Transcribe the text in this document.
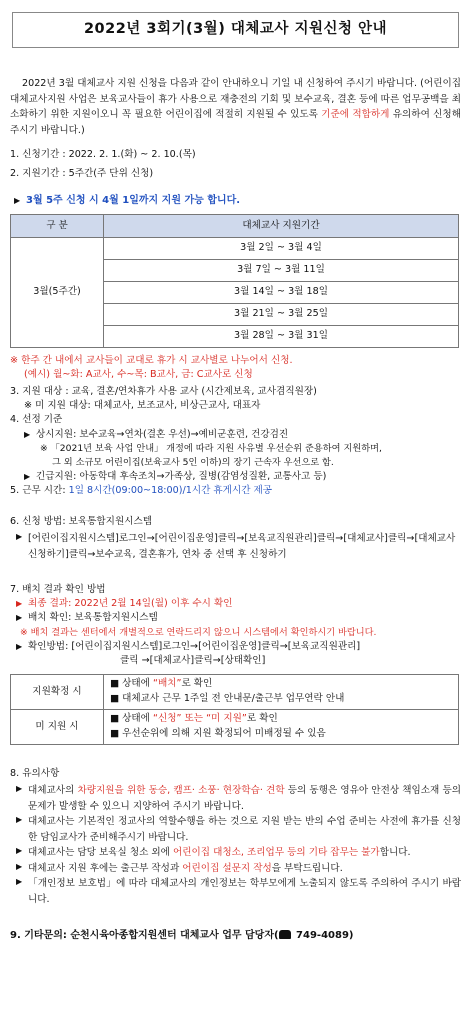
2022년 3회기(3월) 대체교사 지원신청 안내
2022년 3월 대체교사 지원 신청을 다음과 같이 안내하오니 기일 내 신청하여 주시기 바랍니다. (어린이집 대체교사지원 사업은 보육교사들이 휴가 사용으로 재충전의 기회 및 보수교육, 결혼 등에 따른 업무공백을 최소화하기 위한 지원이오니 꼭 필요한 어린이집에 적절히 지원될 수 있도록 기준에 적합하게 유의하여 신청해주시기 바랍니다.)
1. 신청기간 : 2022. 2. 1.(화) ~ 2. 10.(목)
2. 지원기간 : 5주간(주 단위 신청)
▶ 3월 5주 신청 시 4월 1일까지 지원 가능 합니다.
구 분	대체교사 지원기간
3월(5주간)	3월 2일 ~ 3월 4일
	3월 7일 ~ 3월 11일
	3월 14일 ~ 3월 18일
	3월 21일 ~ 3월 25일
	3월 28일 ~ 3월 31일
※ 한주 간 내에서 교사들이 교대로 휴가 시 교사별로 나누어서 신청.
(예시) 월~화: A교사, 수~목: B교사, 금: C교사로 신청
3. 지원 대상 : 교육, 결혼/연차휴가 사용 교사 (시간제보육, 교사겸직원장)
※ 미 지원 대상: 대체교사, 보조교사, 비상근교사, 대표자
4. 선정 기준
▶ 상시지원: 보수교육→연차(결혼 우선)→예비군훈련, 건강검진
※ 「2021년 보육 사업 안내」 개정에 따라 지원 사유별 우선순위 준용하여 지원하며,
그 외 소규모 어린이집(보육교사 5인 이하)의 장기 근속자 우선으로 함.
▶ 긴급지원: 아동학대 후속조치→가족상, 질병(감염성질환, 교통사고 등)
5. 근무 시간: 1일 8시간(09:00~18:00)/1시간 휴게시간 제공
6. 신청 방법: 보육통합지원시스템
▶ [어린이집지원시스템]로그인→[어린이집운영]클릭→[보육교직원관리]클릭→[대체교사]클릭→[대체교사신청하기]클릭→보수교육, 결혼휴가, 연차 중 선택 후 신청하기
7. 배치 결과 확인 방법
▶ 최종 결과: 2022년 2월 14일(월) 이후 수시 확인
▶ 배치 확인: 보육통합지원시스템
※ 배치 결과는 센터에서 개별적으로 연락드리지 않으니 시스템에서 확인하시기 바랍니다.
▶ 확인방법: [어린이집지원시스템]로그인→[어린이집운영]클릭→[보육교직원관리]
클릭 →[대체교사]클릭→[상태확인]
지원확정 시	■ 상태에 “배치”로 확인
■ 대체교사 근무 1주일 전 안내문/출근부 업무연락 안내

미 지원 시	■ 상태에 “신청” 또는 “미 지원”로 확인
■ 우선순위에 의해 지원 확정되어 미배정될 수 있음
8. 유의사항
▶ 대체교사의 차량지원을 위한 동승, 캠프· 소풍· 현장학습· 견학 등의 동행은 영유아 안전상 책임소재 등의 문제가 발생할 수 있으니 지양하여 주시기 바랍니다.
▶ 대체교사는 기본적인 정교사의 역할수행을 하는 것으로 지원 받는 반의 수업 준비는 사전에 휴가를 신청한 담임교사가 준비해주시기 바랍니다.
▶ 대체교사는 담당 보육실 청소 외에 어린이집 대청소, 조리업무 등의 기타 잡무는 불가합니다.
▶ 대체교사 지원 후에는 출근부 작성과 어린이집 설문지 작성을 부탁드립니다.
▶ 「개인정보 보호법」에 따라 대체교사의 개인정보는 학부모에게 노출되지 않도록 주의하여 주시기 바랍니다.
9. 기타문의: 순천시육아종합지원센터 대체교사 업무 담당자( 749-4089)
